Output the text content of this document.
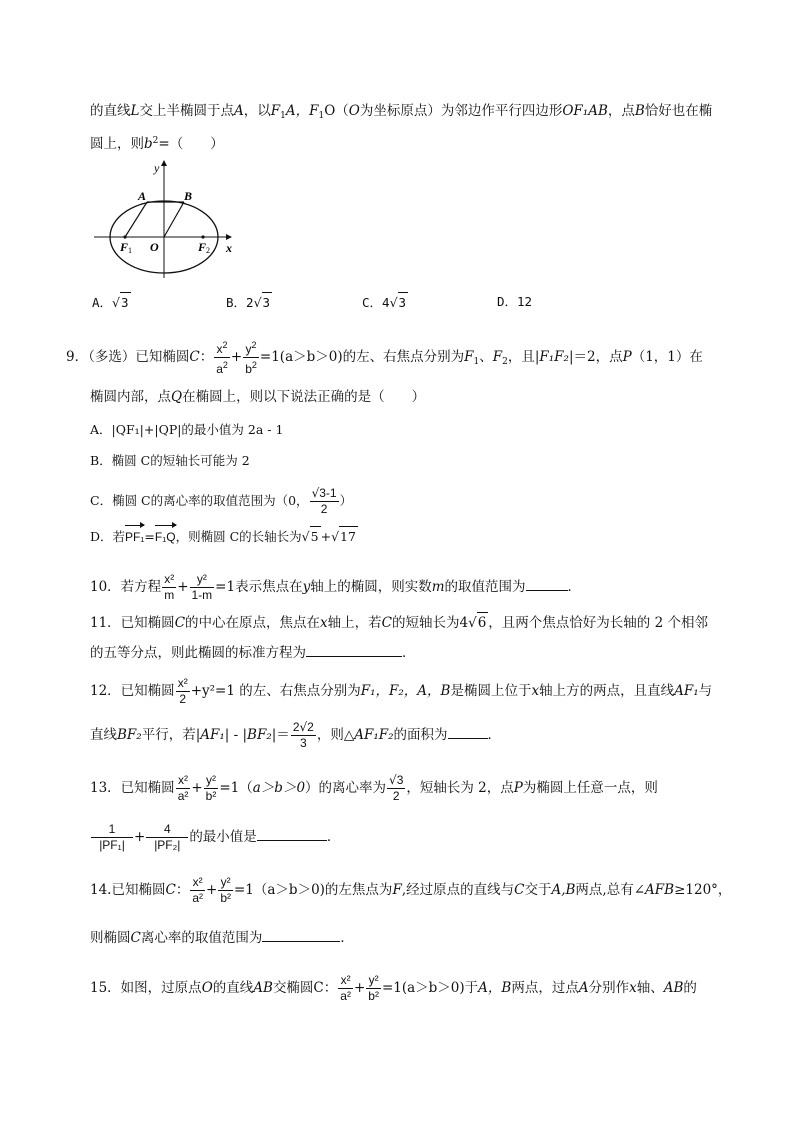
的直线L交上半椭圆于点A，以$F_1A$，$F_1O(O$为坐标原点）为邻边作平行四边形OF₁AB，点B恰好也在椭
圆上，则$b^2=$（　　）
y
A	B
F 1 O	F 2 x
A．√3	B．2√3	C．4√3	D．12
9．（多选）已知椭圆C： $\frac{x^2}{a^2} + \frac{y^2}{b^2} =1(a>b>0)$的左、右焦点分别为$F_1$、$F_2$，且|F₁F₂|＝2，点P（1，1）在
椭圆内部，点Q在椭圆上，则以下说法正确的是（　　）
A．|QF₁|+|QP|的最小值为 2a - 1
B．椭圆 C的短轴长可能为 2
C．椭圆 C的离心率的取值范围为（0， $\frac{√3-1}{2}$ ）
D．若PF₁=F₁Q，则椭圆 C的长轴长为√5 +√17
10．若方程 $\frac{\text{x²}}{m} + \frac{\text{y²}}{1-m} =1$表示焦点在y轴上的椭圆，则实数m的取值范围为	．
11．已知椭圆C的中心在原点，焦点在x轴上，若C的短轴长为4√6 ，且两个焦点恰好为长轴的 2 个相邻
的五等分点，则此椭圆的标准方程为	．
12．已知椭圆 $\frac{\text{x²}}{2} +y^2=1$ 的左、右焦点分别为F₁，F₂，A，B是椭圆上位于x轴上方的两点，且直线AF₁与
直线BF₂平行，若$|AF_1| - |BF_2|= \frac{2√2}{3}$ ，则△AF₁F₂的面积为	．
13．已知椭圆 $\frac{\text{x²}}{\text{a²}} + \frac{\text{y²}}{\text{b²}} =1(a>b>0)$的离心率为 $\frac{√3}{2}$ ，短轴长为 2，点P为椭圆上任意一点，则
$\frac{1}{\text{|PF₁|}} + \frac{4}{\text{|PF₂|}}$ 的最小值是	．
14.已知椭圆C： $\frac{\text{x²}}{\text{a²}} + \frac{\text{y²}}{\text{b²}} =1(a>b>0)$的左焦点为F,经过原点的直线与C交于A,B两点,总有∠AFB≥120°，
则椭圆C离心率的取值范围为	．
15．如图，过原点O的直线AB交椭圆C： $\frac{\text{x²}}{\text{a²}} + \frac{\text{y²}}{\text{b²}} =1(a>b>0)$于A，B两点，过点A分别作x轴、AB的
